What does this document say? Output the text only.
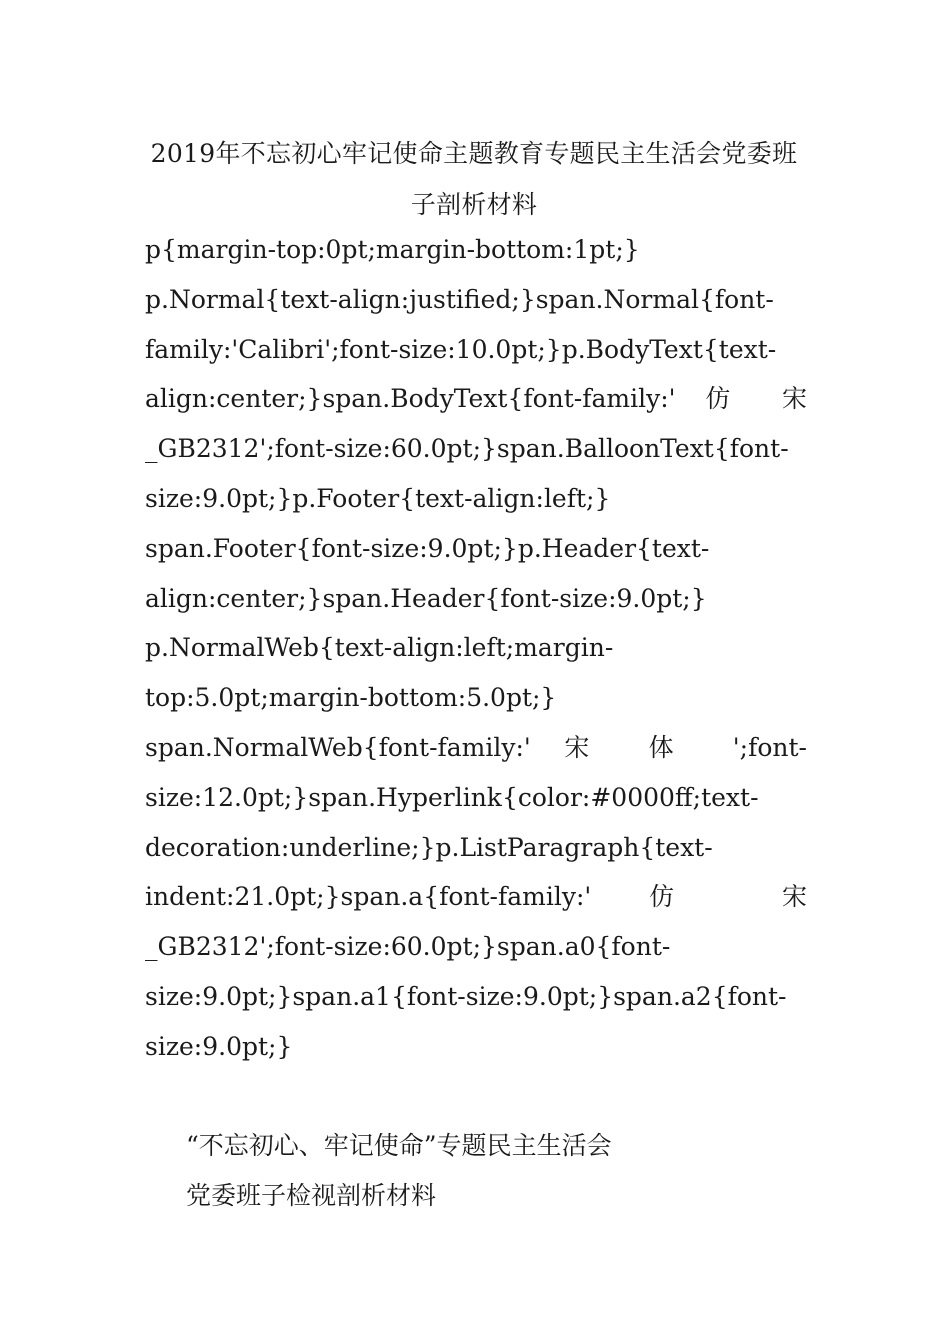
2019年不忘初心牢记使命主题教育专题民主生活会党委班子剖析材料

p{margin-top:0pt;margin-bottom:1pt;} p.Normal{text-align:justified;}span.Normal{font-family:'Calibri';font-size:10.0pt;}p.BodyText{text-align:center;}span.BodyText{font-family:' 仿 宋 _GB2312';font-size:60.0pt;}span.BalloonText{font-size:9.0pt;}p.Footer{text-align:left;} span.Footer{font-size:9.0pt;}p.Header{text-align:center;}span.Header{font-size:9.0pt;} p.NormalWeb{text-align:left;margin-top:5.0pt;margin-bottom:5.0pt;} span.NormalWeb{font-family:' 宋 体 ';font-size:12.0pt;}span.Hyperlink{color:#0000ff;text-decoration:underline;}p.ListParagraph{text-indent:21.0pt;}span.a{font-family:' 仿 宋 _GB2312';font-size:60.0pt;}span.a0{font-size:9.0pt;}span.a1{font-size:9.0pt;}span.a2{font-size:9.0pt;}

“不忘初心、牢记使命”专题民主生活会

党委班子检视剖析材料
